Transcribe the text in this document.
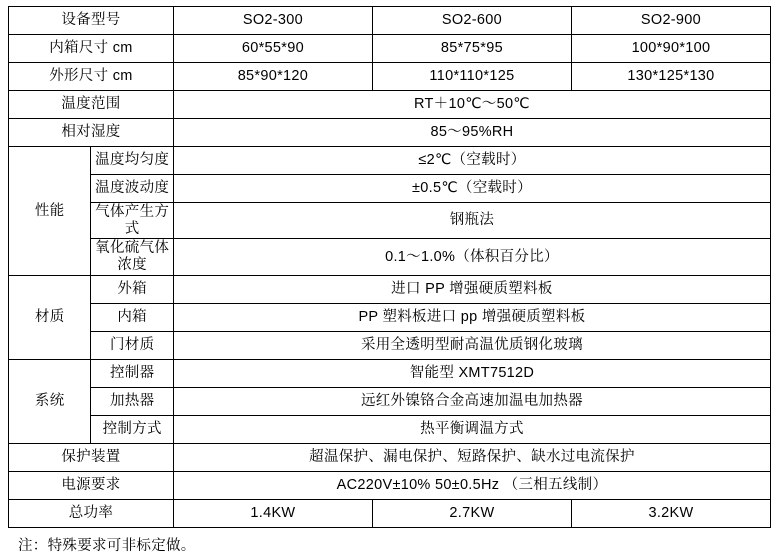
设备型号		SO2-300	SO2-600	SO2-900
内箱尺寸 cm		60*55*90	85*75*95	100*90*100
外形尺寸 cm		85*90*120	110*110*125	130*125*130
温度范围		RT＋10℃～50℃		
相对湿度		85～95%RH		
性能	温度均匀度	≤2℃（空载时）		
	温度波动度	±0.5℃（空载时）		
	气体产生方式	钢瓶法		
	氧化硫气体浓度	0.1～1.0%（体积百分比）		
材质	外箱	进口 PP 增强硬质塑料板		
	内箱	PP 塑料板进口 pp 增强硬质塑料板		
	门材质	采用全透明型耐高温优质钢化玻璃		
系统	控制器	智能型 XMT7512D		
	加热器	远红外镍铬合金高速加温电加热器		
	控制方式	热平衡调温方式		
保护装置		超温保护、漏电保护、短路保护、缺水过电流保护		
电源要求		AC220V±10% 50±0.5Hz （三相五线制）		
总功率		1.4KW	2.7KW	3.2KW
注：特殊要求可非标定做。
